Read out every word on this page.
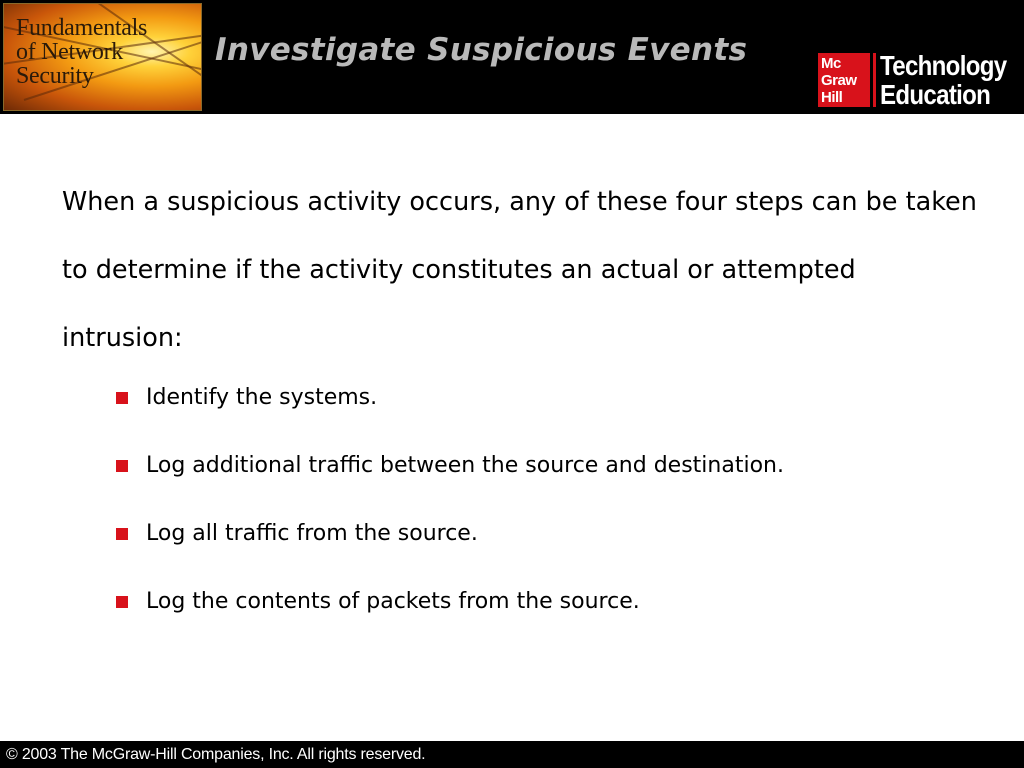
Fundamentals
of Network
Security
Investigate Suspicious Events	Mc
Graw
Hill
Technology
Education

When a suspicious activity occurs, any of these four steps can be taken to determine if the activity constitutes an actual or attempted intrusion:

Identify the systems.
Log additional traffic between the source and destination.
Log all traffic from the source.
Log the contents of packets from the source.
© 2003 The McGraw-Hill Companies, Inc. All rights reserved.
